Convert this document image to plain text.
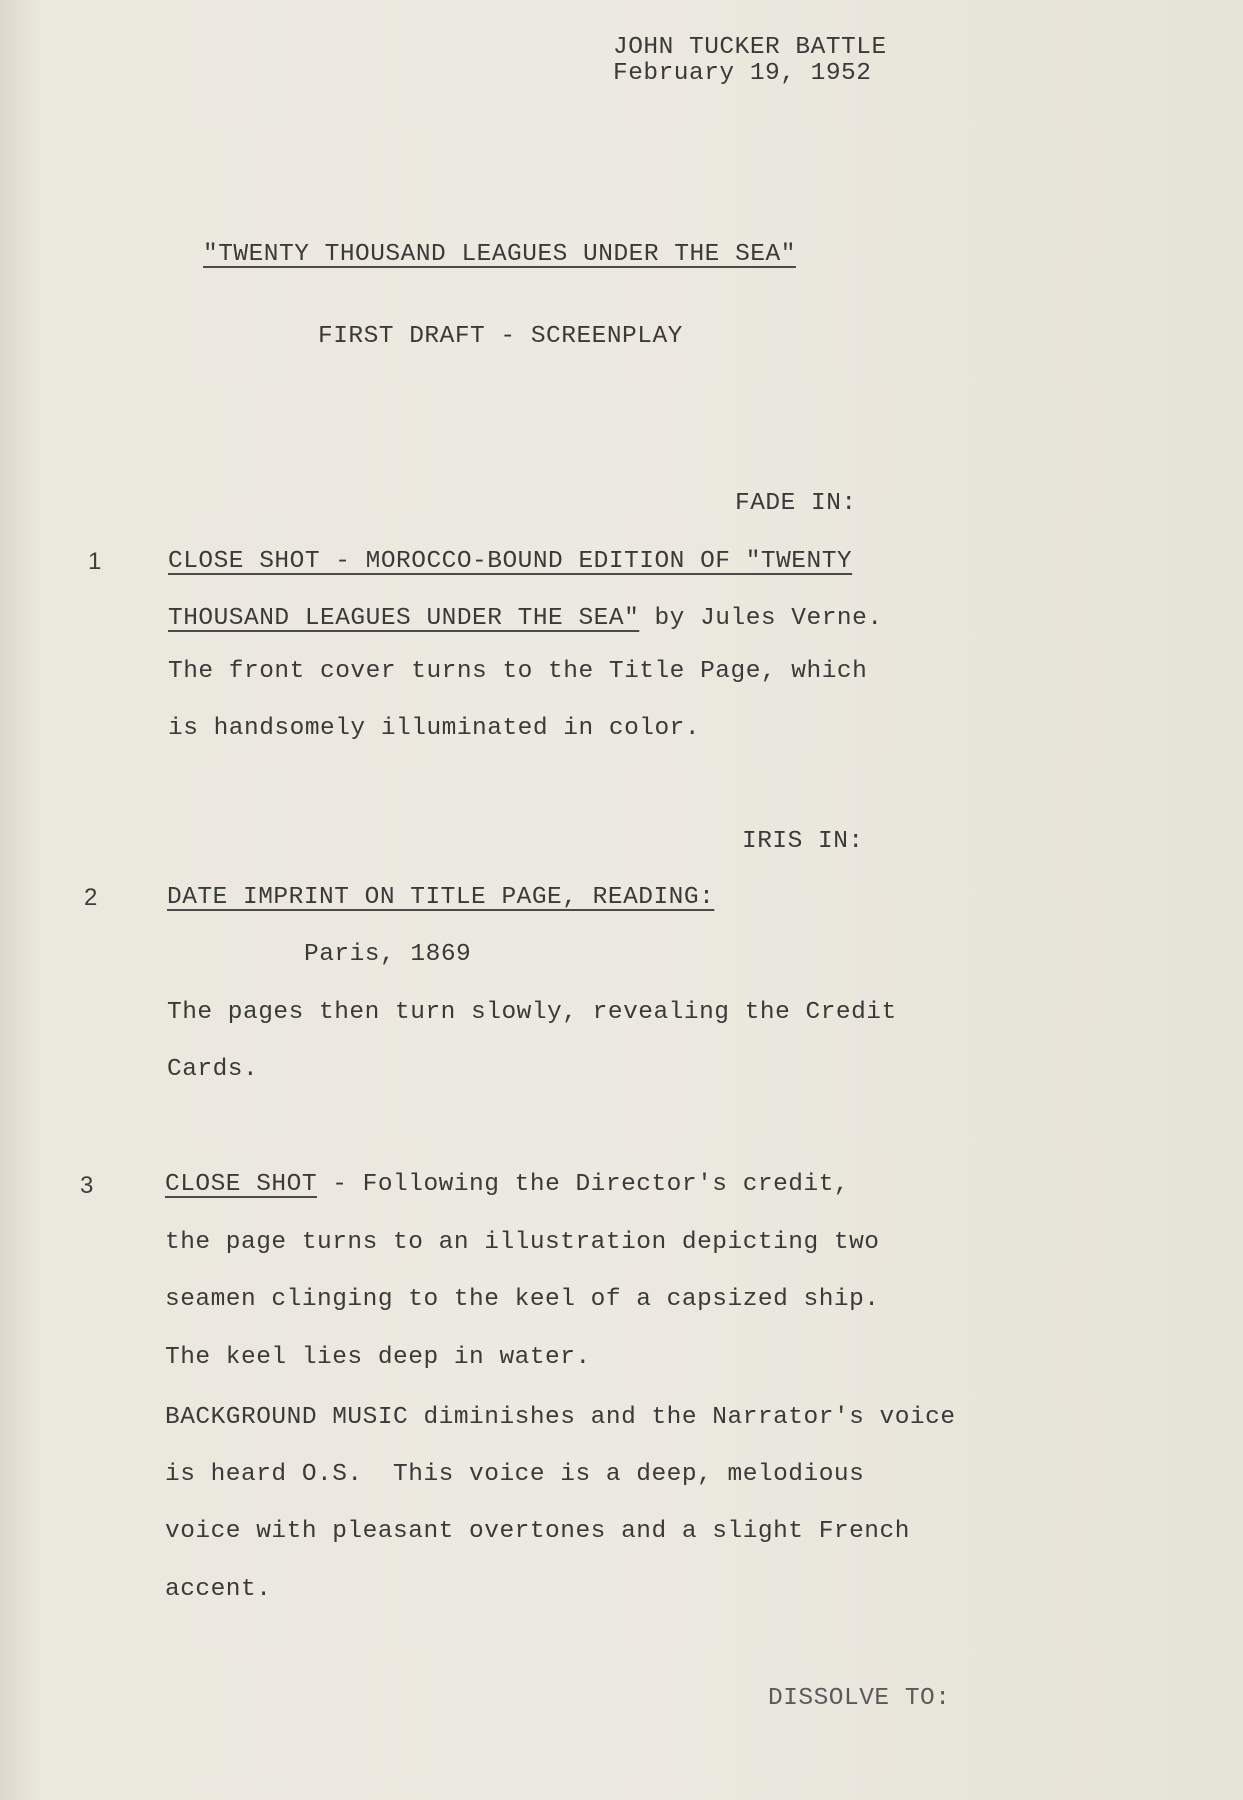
JOHN TUCKER BATTLE
February 19, 1952
"TWENTY THOUSAND LEAGUES UNDER THE SEA"
FIRST DRAFT - SCREENPLAY
FADE IN:
1	CLOSE SHOT - MOROCCO-BOUND EDITION OF "TWENTY
THOUSAND LEAGUES UNDER THE SEA" by Jules Verne.
The front cover turns to the Title Page, which
is handsomely illuminated in color.
IRIS IN:
2	DATE IMPRINT ON TITLE PAGE, READING:
Paris, 1869
The pages then turn slowly, revealing the Credit
Cards.
3	CLOSE SHOT - Following the Director's credit,
the page turns to an illustration depicting two
seamen clinging to the keel of a capsized ship.
The keel lies deep in water.
BACKGROUND MUSIC diminishes and the Narrator's voice
is heard O.S.  This voice is a deep, melodious
voice with pleasant overtones and a slight French
accent.
DISSOLVE TO:
